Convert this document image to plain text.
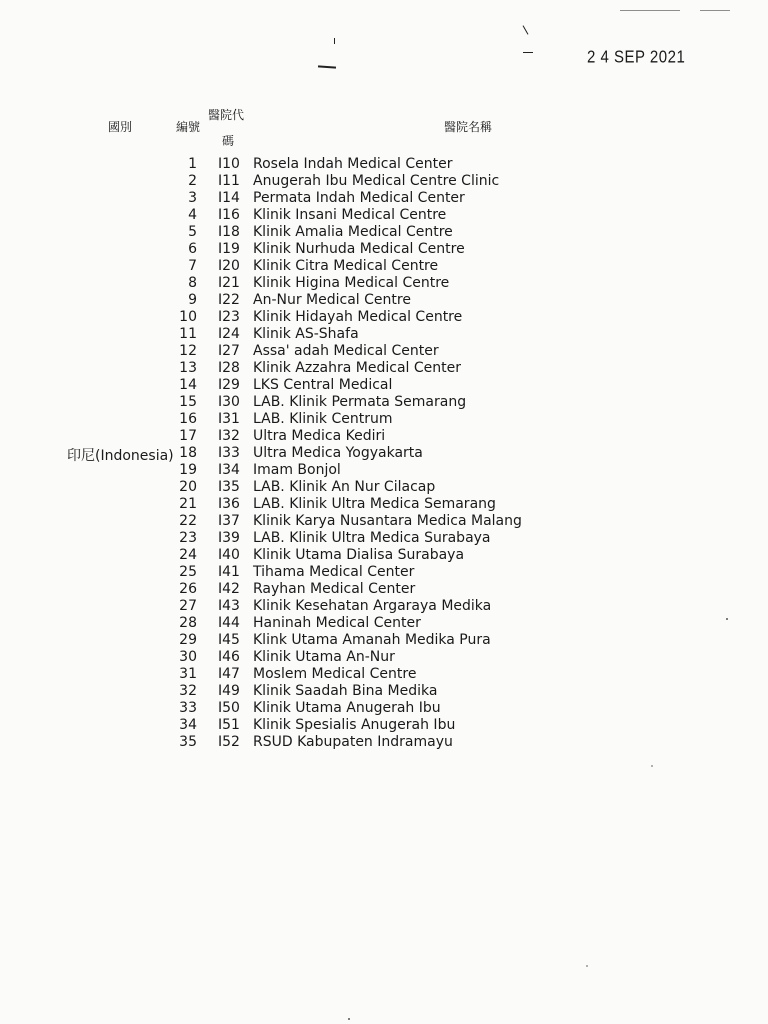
2 4 SEP 2021
國別	編號
醫院代
碼
醫院名稱
印尼(Indonesia)
1 I10 Rosela Indah Medical Center
2 I11 Anugerah Ibu Medical Centre Clinic
3 I14 Permata Indah Medical Center
4 I16 Klinik Insani Medical Centre
5 I18 Klinik Amalia Medical Centre
6 I19 Klinik Nurhuda Medical Centre
7 I20 Klinik Citra Medical Centre
8 I21 Klinik Higina Medical Centre
9 I22 An-Nur Medical Centre
10 I23 Klinik Hidayah Medical Centre
11 I24 Klinik AS-Shafa
12 I27 Assa' adah Medical Center
13 I28 Klinik Azzahra Medical Center
14 I29 LKS Central Medical
15 I30 LAB. Klinik Permata Semarang
16 I31 LAB. Klinik Centrum
17 I32 Ultra Medica Kediri
18 I33 Ultra Medica Yogyakarta
19 I34 Imam Bonjol
20 I35 LAB. Klinik An Nur Cilacap
21 I36 LAB. Klinik Ultra Medica Semarang
22 I37 Klinik Karya Nusantara Medica Malang
23 I39 LAB. Klinik Ultra Medica Surabaya
24 I40 Klinik Utama Dialisa Surabaya
25 I41 Tihama Medical Center
26 I42 Rayhan Medical Center
27 I43 Klinik Kesehatan Argaraya Medika
28 I44 Haninah Medical Center
29 I45 Klink Utama Amanah Medika Pura
30 I46 Klinik Utama An-Nur
31 I47 Moslem Medical Centre
32 I49 Klinik Saadah Bina Medika
33 I50 Klinik Utama Anugerah Ibu
34 I51 Klinik Spesialis Anugerah Ibu
35 I52 RSUD Kabupaten Indramayu
